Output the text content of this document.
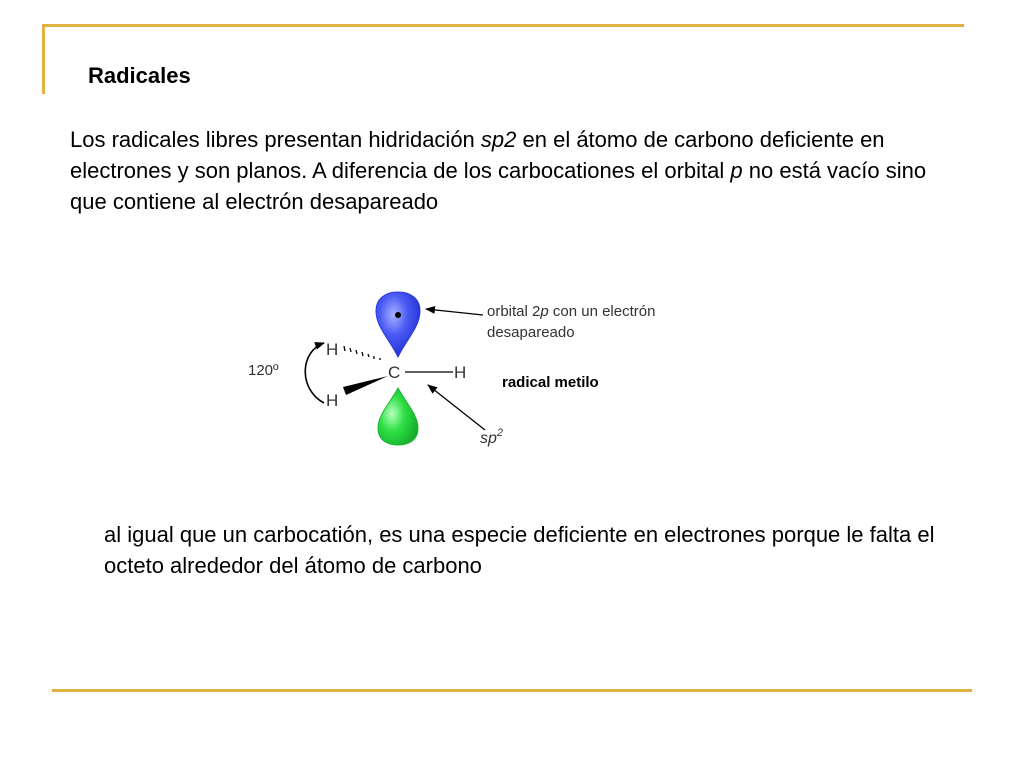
Radicales

Los radicales libres presentan hidridación sp2 en el átomo de carbono deficiente en electrones y son planos. A diferencia de los carbocationes el orbital p no está vacío sino que contiene al electrón desapareado

H
C	H
H
120º
orbital 2p con un electrón
desapareado
radical metilo
$sp^2$

al igual que un carbocatión, es una especie deficiente en electrones porque le falta el octeto alrededor del átomo de carbono
